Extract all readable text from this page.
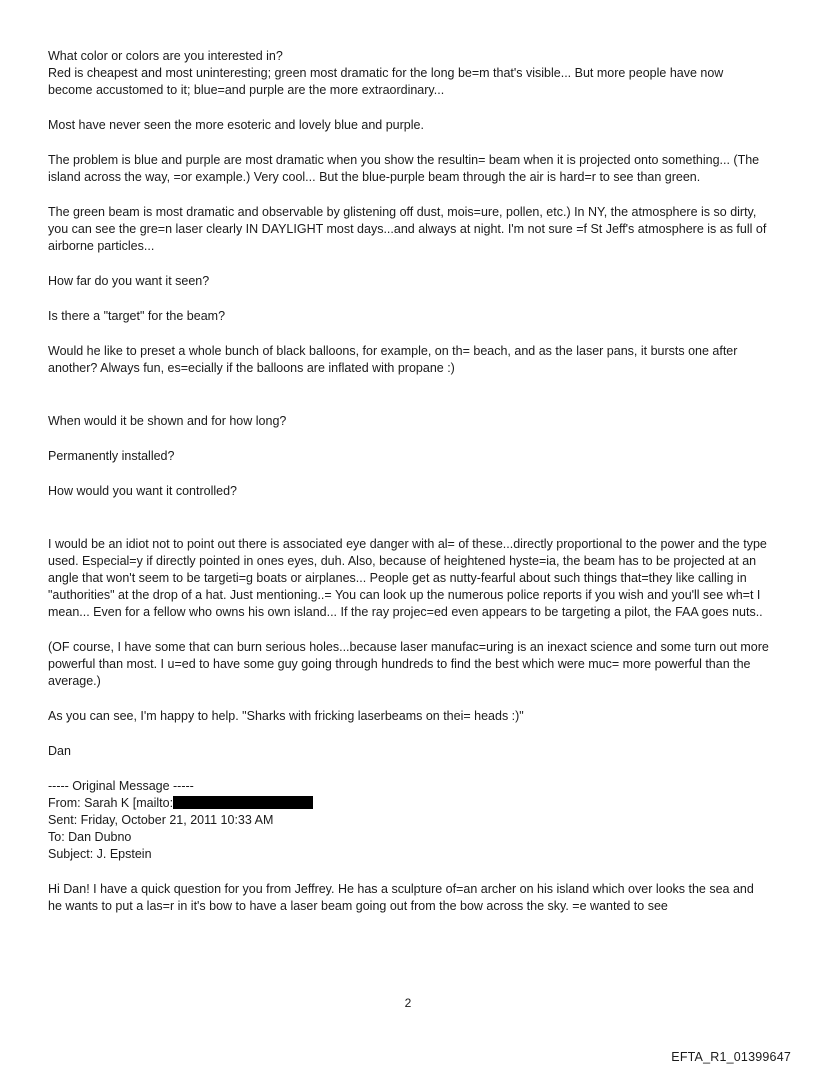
What color or colors are you interested in?

Red is cheapest and most uninteresting; green most dramatic for the long be=m that's visible... But more people have now become accustomed to it; blue=and purple are the more extraordinary...

Most have never seen the more esoteric and lovely blue and purple.

The problem is blue and purple are most dramatic when you show the resultin= beam when it is projected onto something... (The island across the way, =or example.) Very cool... But the blue-purple beam through the air is hard=r to see than green.

The green beam is most dramatic and observable by glistening off dust, mois=ure, pollen, etc.) In NY, the atmosphere is so dirty, you can see the gre=n laser clearly IN DAYLIGHT most days...and always at night. I'm not sure =f St Jeff's atmosphere is as full of airborne particles...

How far do you want it seen?

Is there a "target" for the beam?

Would he like to preset a whole bunch of black balloons, for example, on th= beach, and as the laser pans, it bursts one after another? Always fun, es=ecially if the balloons are inflated with propane :)

When would it be shown and for how long?

Permanently installed?

How would you want it controlled?

I would be an idiot not to point out there is associated eye danger with al= of these...directly proportional to the power and the type used. Especial=y if directly pointed in ones eyes, duh. Also, because of heightened hyste=ia, the beam has to be projected at an angle that won't seem to be targeti=g boats or airplanes... People get as nutty-fearful about such things that=they like calling in "authorities" at the drop of a hat. Just mentioning..= You can look up the numerous police reports if you wish and you'll see wh=t I mean... Even for a fellow who owns his own island... If the ray projec=ed even appears to be targeting a pilot, the FAA goes nuts..

(OF course, I have some that can burn serious holes...because laser manufac=uring is an inexact science and some turn out more powerful than most. I u=ed to have some guy going through hundreds to find the best which were muc= more powerful than the average.)

As you can see, I'm happy to help. "Sharks with fricking laserbeams on thei= heads :)"

Dan

----- Original Message -----
From: Sarah K [mailto:
Sent: Friday, October 21, 2011 10:33 AM
To: Dan Dubno
Subject: J. Epstein

Hi Dan! I have a quick question for you from Jeffrey. He has a sculpture of=an archer on his island which over looks the sea and he wants to put a las=r in it's bow to have a laser beam going out from the bow across the sky. =e wanted to see

2
EFTA_R1_01399647
